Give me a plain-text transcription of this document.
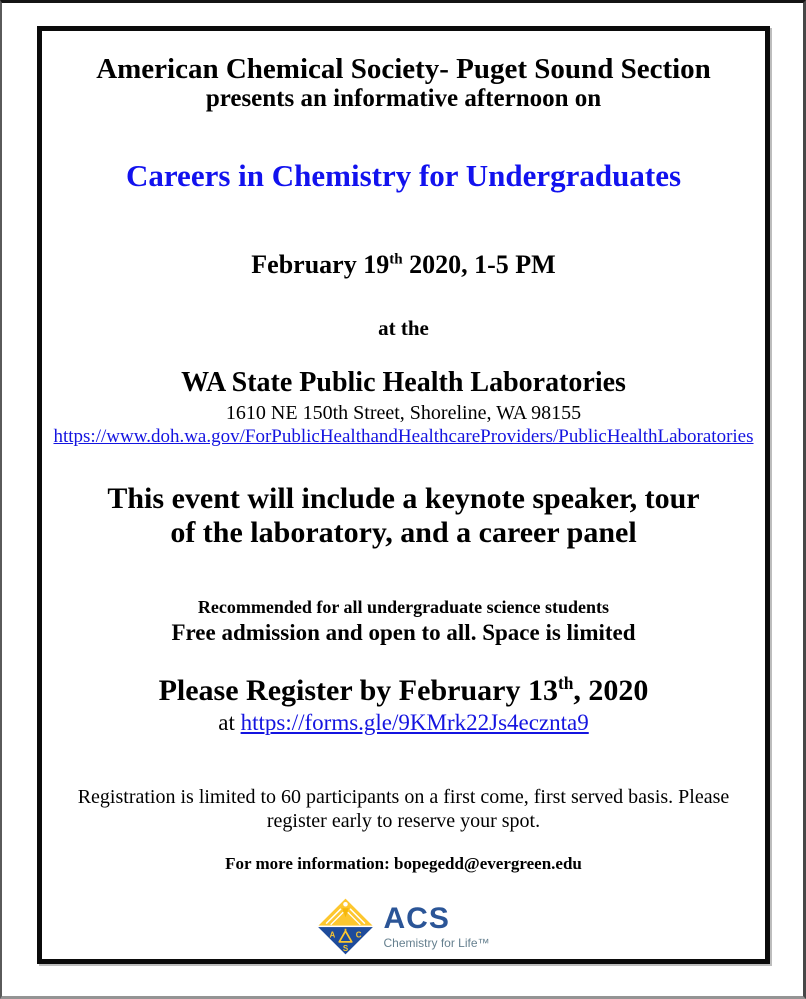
American Chemical Society- Puget Sound Section
presents an informative afternoon on
Careers in Chemistry for Undergraduates
February 19th 2020, 1-5 PM
at the
WA State Public Health Laboratories
1610 NE 150th Street, Shoreline, WA 98155
https://www.doh.wa.gov/ForPublicHealthandHealthcareProviders/PublicHealthLaboratories
This event will include a keynote speaker, tour
of the laboratory, and a career panel
Recommended for all undergraduate science students
Free admission and open to all. Space is limited
Please Register by February 13th, 2020
at https://forms.gle/9KMrk22Js4ecznta9
Registration is limited to 60 participants on a first come, first served basis. Please
register early to reserve your spot.
For more information: bopegedd@evergreen.edu
A C
S
ACS
Chemistry for Life™
